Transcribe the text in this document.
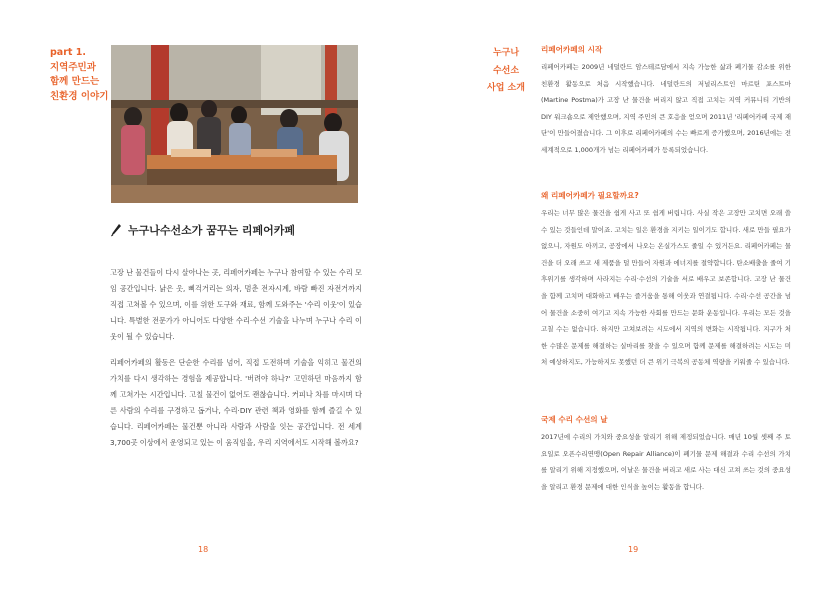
part 1.
지역주민과
함께 만드는
친환경 이야기
누구나수선소가 꿈꾸는 리페어카페

고장 난 물건들이 다시 살아나는 곳, 리페어카페는 누구나 참여할 수 있는 수리 모임 공간입니다. 낡은 옷, 삐걱거리는 의자, 멈춘 전자시계, 바람 빠진 자전거까지 직접 고쳐볼 수 있으며, 이를 위한 도구와 재료, 함께 도와주는 '수리 이웃'이 있습니다. 특별한 전문가가 아니어도 다양한 수리·수선 기술을 나누며 누구나 수리 이웃이 될 수 있습니다.

리페어카페의 활동은 단순한 수리를 넘어, 직접 도전하며 기술을 익히고 물건의 가치를 다시 생각하는 경험을 제공합니다. '버려야 하나?' 고민하던 마음까지 함께 고쳐가는 시간입니다. 고칠 물건이 없어도 괜찮습니다. 커피나 차를 마시며 다른 사람의 수리를 구경하고 돕거나, 수리·DIY 관련 책과 영화를 함께 즐길 수 있습니다. 리페어카페는 물건뿐 아니라 사람과 사람을 잇는 공간입니다. 전 세계 3,700곳 이상에서 운영되고 있는 이 움직임을, 우리 지역에서도 시작해 볼까요?

18
누구나
수선소
사업 소개
리페어카페의 시작

리페어카페는 2009년 네덜란드 암스테르담에서 지속 가능한 삶과 폐기물 감소를 위한 친환경 활동으로 처음 시작했습니다. 네덜란드의 저널리스트인 마르틴 포스트마(Martine Postma)가 고장 난 물건을 버리지 않고 직접 고치는 지역 커뮤니티 기반의 DIY 워크숍으로 제안했으며, 지역 주민의 큰 호응을 얻으며 2011년 '리페어카페 국제 재단'이 만들어졌습니다. 그 이후로 리페어카페의 수는 빠르게 증가했으며, 2016년에는 전 세계적으로 1,000개가 넘는 리페어카페가 등록되었습니다.

왜 리페어카페가 필요할까요?

우리는 너무 많은 물건을 쉽게 사고 또 쉽게 버립니다. 사실 작은 고장만 고치면 오래 쓸 수 있는 것들인데 말이죠. 고치는 일은 환경을 지키는 일이기도 합니다. 새로 만들 필요가 없으니, 자원도 아끼고, 공장에서 나오는 온실가스도 줄일 수 있거든요. 리페어카페는 물건을 더 오래 쓰고 새 제품을 덜 만들어 자원과 에너지를 절약합니다. 탄소배출을 줄여 기후위기를 생각하며 사라지는 수리·수선의 기술을 서로 배우고 보존합니다. 고장 난 물건을 함께 고치며 대화하고 배우는 즐거움을 통해 이웃과 연결됩니다. 수리·수선 공간을 넘어 물건을 소중히 여기고 지속 가능한 사회를 만드는 문화 운동입니다. 우리는 모든 것을 고칠 수는 없습니다. 하지만 고쳐보려는 시도에서 지역의 변화는 시작됩니다. 지구가 처한 수많은 문제를 해결하는 실마리를 찾을 수 있으며 함께 문제를 해결하려는 시도는 미처 예상하지도, 가능하지도 못했던 더 큰 위기 극복의 공동체 역량을 키워줄 수 있습니다.

국제 수리 수선의 날

2017년에 수리의 가치와 중요성을 알리기 위해 제정되었습니다. 매년 10월 셋째 주 토요일로 오픈수리연맹(Open Repair Alliance)이 폐기물 문제 해결과 수리 수선의 가치를 알리기 위해 지정했으며, 이날은 물건을 버리고 새로 사는 대신 고쳐 쓰는 것의 중요성을 알리고 환경 문제에 대한 인식을 높이는 활동을 합니다.

19
